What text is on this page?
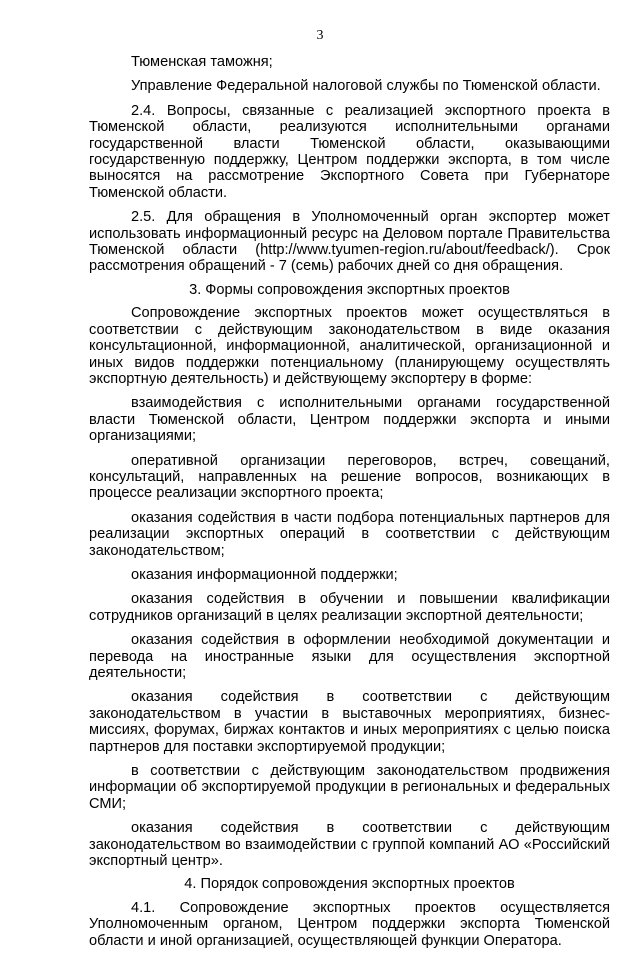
3

Тюменская таможня;

Управление Федеральной налоговой службы по Тюменской области.

2.4. Вопросы, связанные с реализацией экспортного проекта в Тюменской области, реализуются исполнительными органами государственной власти Тюменской области, оказывающими государственную поддержку, Центром поддержки экспорта, в том числе выносятся на рассмотрение Экспортного Совета при Губернаторе Тюменской области.

2.5. Для обращения в Уполномоченный орган экспортер может использовать информационный ресурс на Деловом портале Правительства Тюменской области (http://www.tyumen-region.ru/about/feedback/). Срок рассмотрения обращений - 7 (семь) рабочих дней со дня обращения.

3. Формы сопровождения экспортных проектов

Сопровождение экспортных проектов может осуществляться в соответствии с действующим законодательством в виде оказания консультационной, информационной, аналитической, организационной и иных видов поддержки потенциальному (планирующему осуществлять экспортную деятельность) и действующему экспортеру в форме:

взаимодействия с исполнительными органами государственной власти Тюменской области, Центром поддержки экспорта и иными организациями;

оперативной организации переговоров, встреч, совещаний, консультаций, направленных на решение вопросов, возникающих в процессе реализации экспортного проекта;

оказания содействия в части подбора потенциальных партнеров для реализации экспортных операций в соответствии с действующим законодательством;

оказания информационной поддержки;

оказания содействия в обучении и повышении квалификации сотрудников организаций в целях реализации экспортной деятельности;

оказания содействия в оформлении необходимой документации и перевода на иностранные языки для осуществления экспортной деятельности;

оказания содействия в соответствии с действующим законодательством в участии в выставочных мероприятиях, бизнес-миссиях, форумах, биржах контактов и иных мероприятиях с целью поиска партнеров для поставки экспортируемой продукции;

в соответствии с действующим законодательством продвижения информации об экспортируемой продукции в региональных и федеральных СМИ;

оказания содействия в соответствии с действующим законодательством во взаимодействии с группой компаний АО «Российский экспортный центр».

4. Порядок сопровождения экспортных проектов

4.1. Сопровождение экспортных проектов осуществляется Уполномоченным органом, Центром поддержки экспорта Тюменской области и иной организацией, осуществляющей функции Оператора.
